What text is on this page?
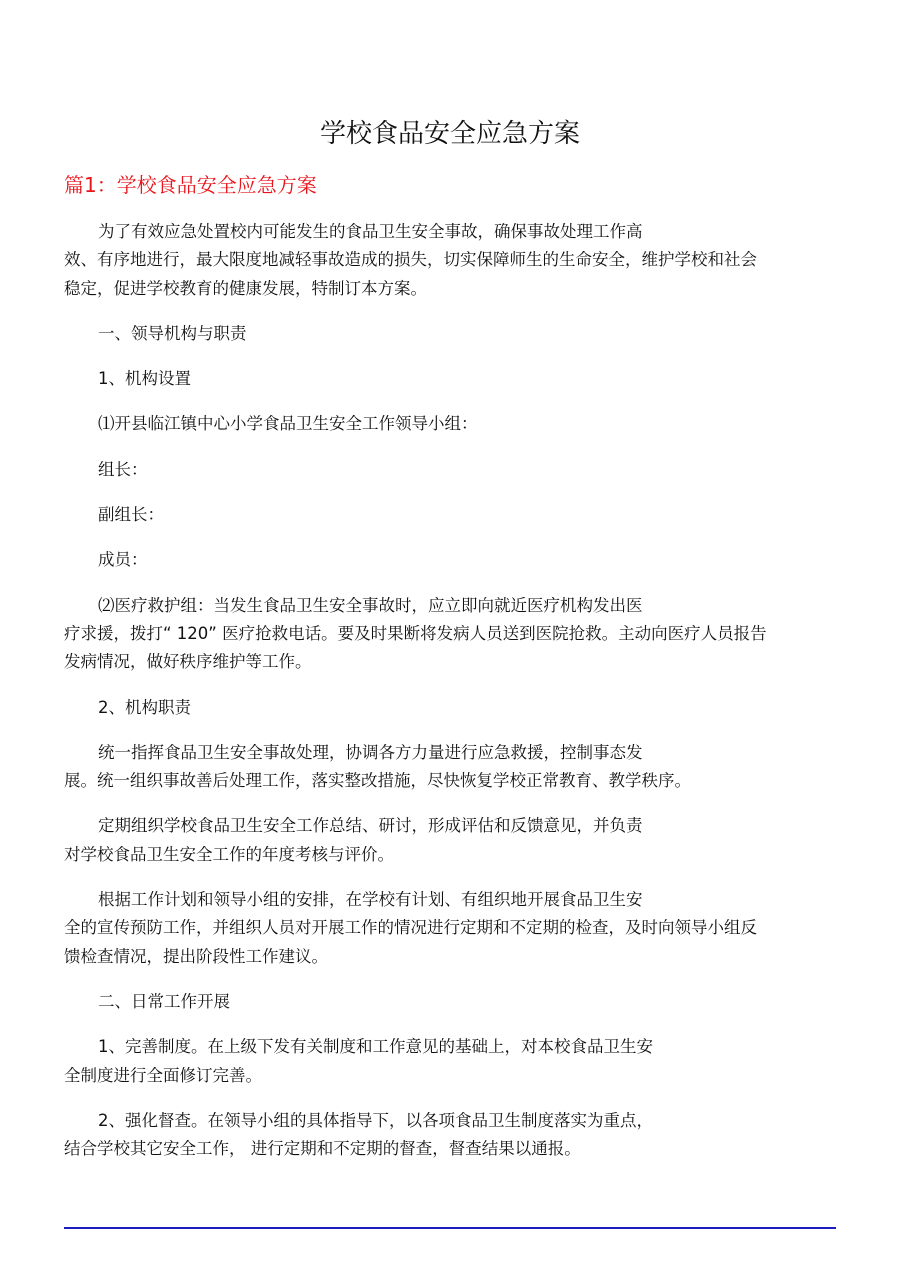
学校食品安全应急方案
篇1：学校食品安全应急方案
为了有效应急处置校内可能发生的食品卫生安全事故，确保事故处理工作高
效、有序地进行，最大限度地减轻事故造成的损失，切实保障师生的生命安全，维护学校和社会
稳定，促进学校教育的健康发展，特制订本方案。
一、领导机构与职责
1、机构设置
⑴开县临江镇中心小学食品卫生安全工作领导小组：
组长：
副组长：
成员：
⑵医疗救护组：当发生食品卫生安全事故时，应立即向就近医疗机构发出医
疗求援，拨打“ 120” 医疗抢救电话。要及时果断将发病人员送到医院抢救。主动向医疗人员报告
发病情况，做好秩序维护等工作。
2、机构职责
统一指挥食品卫生安全事故处理，协调各方力量进行应急救援，控制事态发
展。统一组织事故善后处理工作，落实整改措施，尽快恢复学校正常教育、教学秩序。
定期组织学校食品卫生安全工作总结、研讨，形成评估和反馈意见，并负责
对学校食品卫生安全工作的年度考核与评价。
根据工作计划和领导小组的安排，在学校有计划、有组织地开展食品卫生安
全的宣传预防工作，并组织人员对开展工作的情况进行定期和不定期的检查，及时向领导小组反
馈检查情况，提出阶段性工作建议。
二、日常工作开展
1、完善制度。在上级下发有关制度和工作意见的基础上，对本校食品卫生安
全制度进行全面修订完善。
2、强化督查。在领导小组的具体指导下，以各项食品卫生制度落实为重点，
结合学校其它安全工作， 进行定期和不定期的督查，督查结果以通报。
